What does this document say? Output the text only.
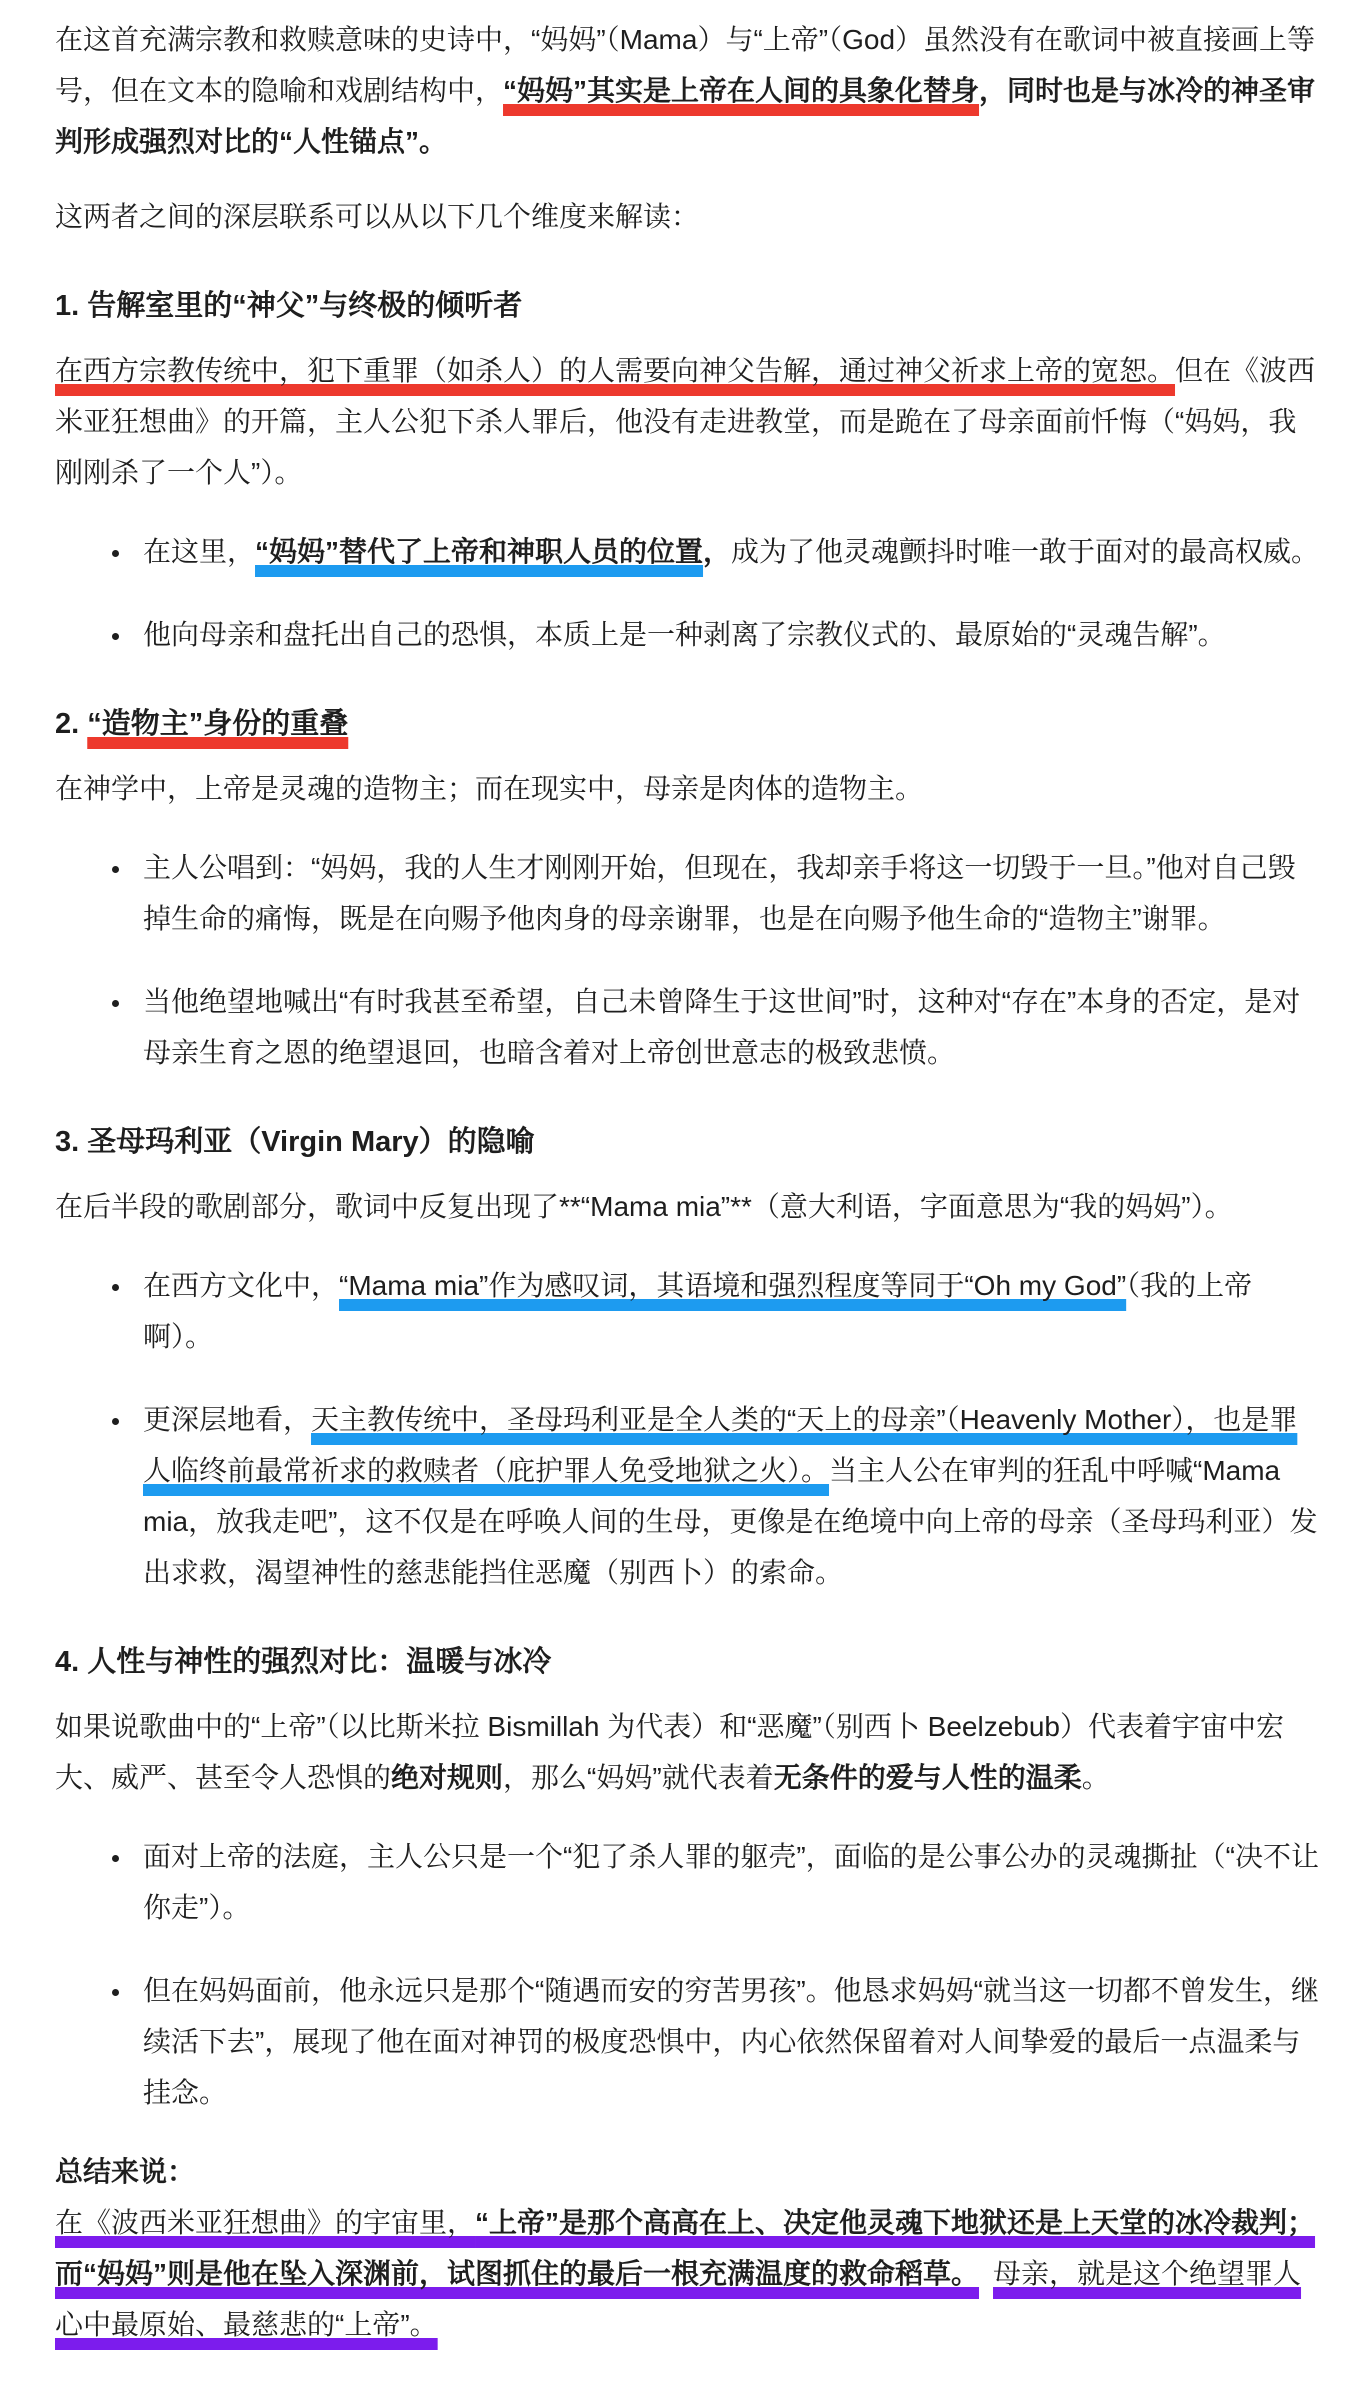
在这首充满宗教和救赎意味的史诗中，“妈妈”（Mama）与“上帝”（God）虽然没有在歌词中被直接画上等号，但在文本的隐喻和戏剧结构中，“妈妈”其实是上帝在人间的具象化替身，同时也是与冰冷的神圣审判形成强烈对比的“人性锚点”。

这两者之间的深层联系可以从以下几个维度来解读：

1. 告解室里的“神父”与终极的倾听者

在西方宗教传统中，犯下重罪（如杀人）的人需要向神父告解，通过神父祈求上帝的宽恕。但在《波西米亚狂想曲》的开篇，主人公犯下杀人罪后，他没有走进教堂，而是跪在了母亲面前忏悔（“妈妈，我刚刚杀了一个人”）。

• 在这里，“妈妈”替代了上帝和神职人员的位置，成为了他灵魂颤抖时唯一敢于面对的最高权威。
• 他向母亲和盘托出自己的恐惧，本质上是一种剥离了宗教仪式的、最原始的“灵魂告解”。
2. “造物主”身份的重叠

在神学中，上帝是灵魂的造物主；而在现实中，母亲是肉体的造物主。

• 主人公唱到：“妈妈，我的人生才刚刚开始，但现在，我却亲手将这一切毁于一旦。”他对自己毁掉生命的痛悔，既是在向赐予他肉身的母亲谢罪，也是在向赐予他生命的“造物主”谢罪。
• 当他绝望地喊出“有时我甚至希望，自己未曾降生于这世间”时，这种对“存在”本身的否定，是对母亲生育之恩的绝望退回，也暗含着对上帝创世意志的极致悲愤。
3. 圣母玛利亚（Virgin Mary）的隐喻

在后半段的歌剧部分，歌词中反复出现了**“Mama mia”**（意大利语，字面意思为“我的妈妈”）。

• 在西方文化中，“Mama mia”作为感叹词，其语境和强烈程度等同于“Oh my God”（我的上帝啊）。
• 更深层地看，天主教传统中，圣母玛利亚是全人类的“天上的母亲”（Heavenly Mother），也是罪人临终前最常祈求的救赎者（庇护罪人免受地狱之火）。当主人公在审判的狂乱中呼喊“Mama mia，放我走吧”，这不仅是在呼唤人间的生母，更像是在绝境中向上帝的母亲（圣母玛利亚）发出求救，渴望神性的慈悲能挡住恶魔（别西卜）的索命。
4. 人性与神性的强烈对比：温暖与冰冷

如果说歌曲中的“上帝”（以比斯米拉 Bismillah 为代表）和“恶魔”（别西卜 Beelzebub）代表着宇宙中宏大、威严、甚至令人恐惧的绝对规则，那么“妈妈”就代表着无条件的爱与人性的温柔。

• 面对上帝的法庭，主人公只是一个“犯了杀人罪的躯壳”，面临的是公事公办的灵魂撕扯（“决不让你走”）。
• 但在妈妈面前，他永远只是那个“随遇而安的穷苦男孩”。他恳求妈妈“就当这一切都不曾发生，继续活下去”，展现了他在面对神罚的极度恐惧中，内心依然保留着对人间挚爱的最后一点温柔与挂念。

总结来说：

在《波西米亚狂想曲》的宇宙里，“上帝”是那个高高在上、决定他灵魂下地狱还是上天堂的冰冷裁判；而“妈妈”则是他在坠入深渊前，试图抓住的最后一根充满温度的救命稻草。 母亲，就是这个绝望罪人心中最原始、最慈悲的“上帝”。
